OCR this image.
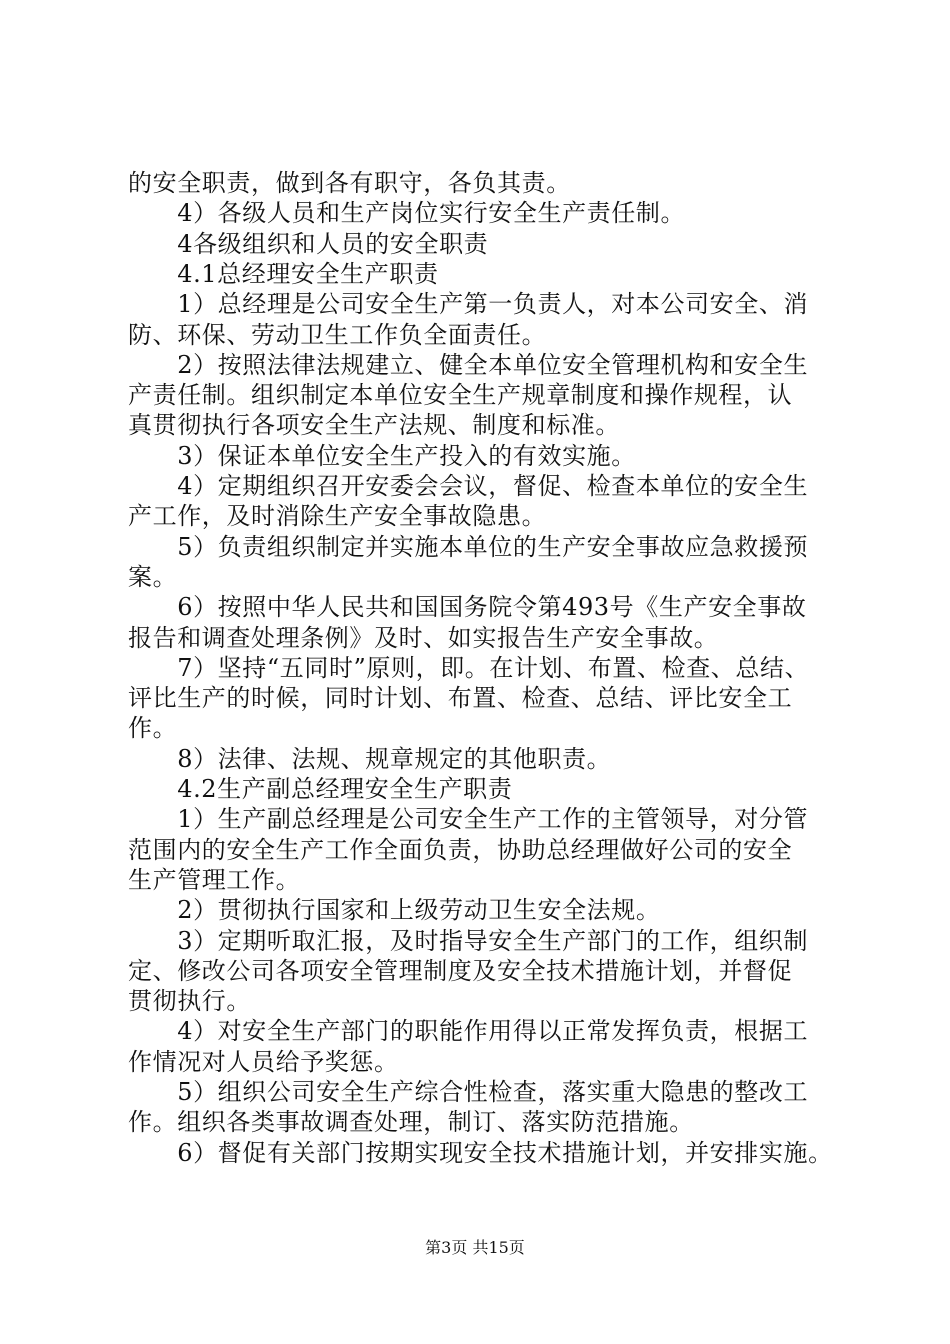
的安全职责，做到各有职守，各负其责。
　　4）各级人员和生产岗位实行安全生产责任制。
　　4各级组织和人员的安全职责
　　4.1总经理安全生产职责
　　1）总经理是公司安全生产第一负责人，对本公司安全、消
防、环保、劳动卫生工作负全面责任。
　　2）按照法律法规建立、健全本单位安全管理机构和安全生
产责任制。组织制定本单位安全生产规章制度和操作规程，认
真贯彻执行各项安全生产法规、制度和标准。
　　3）保证本单位安全生产投入的有效实施。
　　4）定期组织召开安委会会议，督促、检查本单位的安全生
产工作，及时消除生产安全事故隐患。
　　5）负责组织制定并实施本单位的生产安全事故应急救援预
案。
　　6）按照中华人民共和国国务院令第493号《生产安全事故
报告和调查处理条例》及时、如实报告生产安全事故。
　　7）坚持“五同时”原则，即。在计划、布置、检查、总结、
评比生产的时候，同时计划、布置、检查、总结、评比安全工
作。
　　8）法律、法规、规章规定的其他职责。
　　4.2生产副总经理安全生产职责
　　1）生产副总经理是公司安全生产工作的主管领导，对分管
范围内的安全生产工作全面负责，协助总经理做好公司的安全
生产管理工作。
　　2）贯彻执行国家和上级劳动卫生安全法规。
　　3）定期听取汇报，及时指导安全生产部门的工作，组织制
定、修改公司各项安全管理制度及安全技术措施计划，并督促
贯彻执行。
　　4）对安全生产部门的职能作用得以正常发挥负责，根据工
作情况对人员给予奖惩。
　　5）组织公司安全生产综合性检查，落实重大隐患的整改工
作。组织各类事故调查处理，制订、落实防范措施。
　　6）督促有关部门按期实现安全技术措施计划，并安排实施。
第3页 共15页
